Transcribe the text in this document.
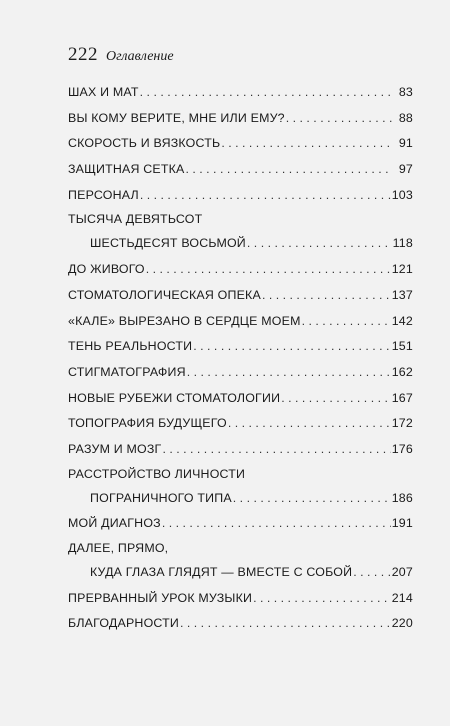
222 Оглавление
ШАХ И МАТ . . .	83
ВЫ КОМУ ВЕРИТЕ, МНЕ ИЛИ ЕМУ? . . .	88
СКОРОСТЬ И ВЯЗКОСТЬ . . .	91
ЗАЩИТНАЯ СЕТКА . . .	97
ПЕРСОНАЛ . . .	103
ТЫСЯЧА ДЕВЯТЬСОТ
ШЕСТЬДЕСЯТ ВОСЬМОЙ . . .	118
ДО ЖИВОГО . . .	121
СТОМАТОЛОГИЧЕСКАЯ ОПЕКА . . .	137
«КАЛЕ» ВЫРЕЗАНО В СЕРДЦЕ МОЕМ . . .	142
ТЕНЬ РЕАЛЬНОСТИ . . .	151
СТИГМАТОГРАФИЯ . . .	162
НОВЫЕ РУБЕЖИ СТОМАТОЛОГИИ . . .	167
ТОПОГРАФИЯ БУДУЩЕГО . . .	172
РАЗУМ И МОЗГ . . .	176
РАССТРОЙСТВО ЛИЧНОСТИ
ПОГРАНИЧНОГО ТИПА . . .	186
МОЙ ДИАГНОЗ . . .	191
ДАЛЕЕ, ПРЯМО,
КУДА ГЛАЗА ГЛЯДЯТ — ВМЕСТЕ С СОБОЙ . . .	207
ПРЕРВАННЫЙ УРОК МУЗЫКИ . . .	214
БЛАГОДАРНОСТИ . . .	220
